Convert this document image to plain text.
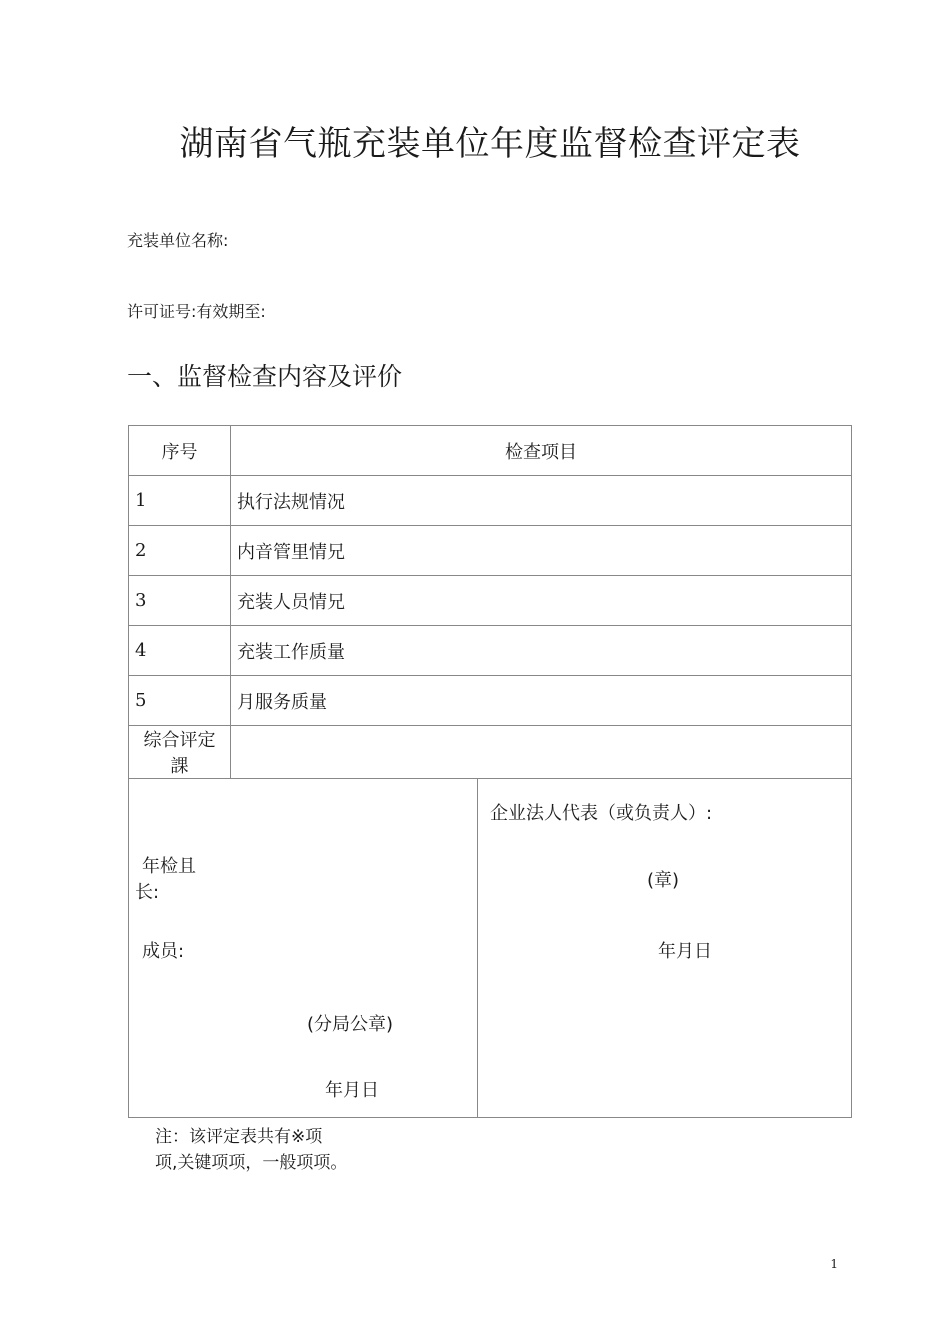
湖南省气瓶充装单位年度监督检查评定表
充装单位名称:
许可证号:有效期至:
一、监督检查内容及评价
序号	检查项目
1	执行法规情况
2	内音管里情兄
3	充装人员情兄
4	充装工作质量
5	月服务质量
综合评定課	
年检且
长:
成员:
(分局公章)
年月日
企业法人代表（或负责人）:
(章)
年月日
注：该评定表共有※项
项,关键项项，一般项项。
1
